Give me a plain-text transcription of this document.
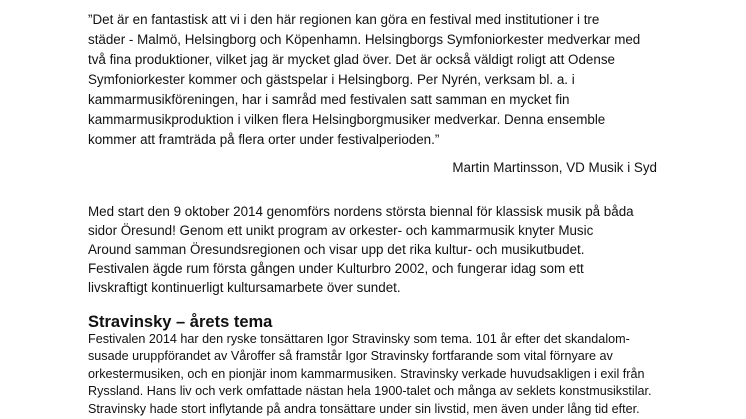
”Det är en fantastisk att vi i den här regionen kan göra en festival med institutioner i tre
städer - Malmö, Helsingborg och Köpenhamn. Helsingborgs Symfoniorkester medverkar med
två fina produktioner, vilket jag är mycket glad över. Det är också väldigt roligt att Odense
Symfoniorkester kommer och gästspelar i Helsingborg. Per Nyrén, verksam bl. a. i
kammarmusikföreningen, har i samråd med festivalen satt samman en mycket fin
kammarmusikproduktion i vilken flera Helsingborgmusiker medverkar. Denna ensemble
kommer att framträda på flera orter under festivalperioden.”

Martin Martinsson, VD Musik i Syd

Med start den 9 oktober 2014 genomförs nordens största biennal för klassisk musik på båda
sidor Öresund! Genom ett unikt program av orkester- och kammarmusik knyter Music
Around samman Öresundsregionen och visar upp det rika kultur- och musikutbudet.
Festivalen ägde rum första gången under Kulturbro 2002, och fungerar idag som ett
livskraftigt kontinuerligt kultursamarbete över sundet.

Stravinsky – årets tema

Festivalen 2014 har den ryske tonsättaren Igor Stravinsky som tema. 101 år efter det skandalom-
susade uruppförandet av Våroffer så framstår Igor Stravinsky fortfarande som vital förnyare av
orkestermusiken, och en pionjär inom kammarmusiken. Stravinsky verkade huvudsakligen i exil från
Ryssland. Hans liv och verk omfattade nästan hela 1900-talet och många av seklets konstmusikstilar.
Stravinsky hade stort inflytande på andra tonsättare under sin livstid, men även under lång tid efter.
